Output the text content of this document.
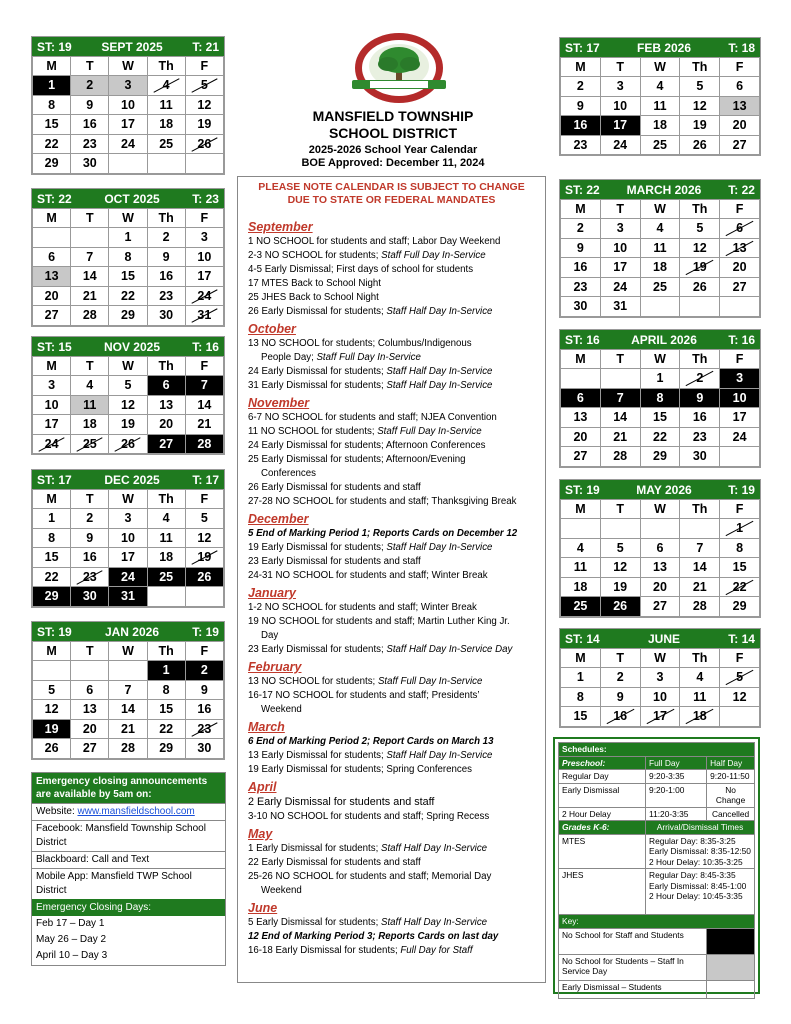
ST: 19 SEPT 2025 T: 21
M	T	W	Th	F
1	2	3	4	5
8	9	10	11	12
15	16	17	18	19
22	23	24	25	26
29	30			
ST: 22	OCT 2025	T: 23
M	T	W	Th	F
		1	2	3
6	7	8	9	10
13	14	15	16	17
20	21	22	23	24
27	28	29	30	31
ST: 15	NOV 2025	T: 16
M	T	W	Th	F
3	4	5	6	7
10	11	12	13	14
17	18	19	20	21
24	25	26	27	28
ST: 17	DEC 2025	T: 17
M	T	W	Th	F
1	2	3	4	5
8	9	10	11	12
15	16	17	18	19
22	23	24	25	26
29	30	31		
ST: 19	JAN 2026	T: 19
M	T	W	Th	F
			1	2
5	6	7	8	9
12	13	14	15	16
19	20	21	22	23
26	27	28	29	30
ST: 17	FEB 2026	T: 18
M	T	W	Th	F
2	3	4	5	6
9	10	11	12	13
16	17	18	19	20
23	24	25	26	27
ST: 22 MARCH 2026 T: 22
M	T	W	Th	F
2	3	4	5	6
9	10	11	12	13
16	17	18	19	20
23	24	25	26	27
30	31			
ST: 16	APRIL 2026	T: 16
M	T	W	Th	F
		1	2	3
6	7	8	9	10
13	14	15	16	17
20	21	22	23	24
27	28	29	30	
ST: 19	MAY 2026	T: 19
M	T	W	Th	F
				1
4	5	6	7	8
11	12	13	14	15
18	19	20	21	22
25	26	27	28	29
ST: 14	JUNE	T: 14
M	T	W	Th	F
1	2	3	4	5
8	9	10	11	12
15	16	17	18	
MANSFIELD TOWNSHIP
SCHOOL DISTRICT
2025-2026 School Year Calendar
BOE Approved: December 11, 2024
PLEASE NOTE CALENDAR IS SUBJECT TO CHANGE DUE TO STATE OR FEDERAL MANDATES
September
1 NO SCHOOL for students and staff; Labor Day Weekend
2-3 NO SCHOOL for students; Staff Full Day In-Service
4-5 Early Dismissal; First days of school for students
17 MTES Back to School Night
25 JHES Back to School Night
26 Early Dismissal for students; Staff Half Day In-Service
October
13 NO SCHOOL for students; Columbus/Indigenous
People Day; Staff Full Day In-Service
24 Early Dismissal for students; Staff Half Day In-Service
31 Early Dismissal for students; Staff Half Day In-Service
November
6-7 NO SCHOOL for students and staff; NJEA Convention
11 NO SCHOOL for students; Staff Full Day In-Service
24 Early Dismissal for students; Afternoon Conferences
25 Early Dismissal for students; Afternoon/Evening
Conferences
26 Early Dismissal for students and staff
27-28 NO SCHOOL for students and staff; Thanksgiving Break
December
5 End of Marking Period 1; Reports Cards on December 12
19 Early Dismissal for students; Staff Half Day In-Service
23 Early Dismissal for students and staff
24-31 NO SCHOOL for students and staff; Winter Break
January
1-2 NO SCHOOL for students and staff; Winter Break
19 NO SCHOOL for students and staff; Martin Luther King Jr.
Day
23 Early Dismissal for students; Staff Half Day In-Service Day
February
13 NO SCHOOL for students; Staff Full Day In-Service
16-17 NO SCHOOL for students and staff; Presidents’
Weekend
March
6 End of Marking Period 2; Report Cards on March 13
13 Early Dismissal for students; Staff Half Day In-Service
19 Early Dismissal for students; Spring Conferences
April
2 Early Dismissal for students and staff
3-10 NO SCHOOL for students and staff; Spring Recess
May
1 Early Dismissal for students; Staff Half Day In-Service
22 Early Dismissal for students and staff
25-26 NO SCHOOL for students and staff; Memorial Day
Weekend
June
5 Early Dismissal for students; Staff Half Day In-Service
12 End of Marking Period 3; Reports Cards on last day
16-18 Early Dismissal for students; Full Day for Staff
Emergency closing announcements are available by 5am on:
Website: www.mansfieldschool.com
Facebook: Mansfield Township School District
Blackboard: Call and Text
Mobile App: Mansfield TWP School District
Emergency Closing Days:
Feb 17 – Day 1
May 26 – Day 2
April 10 – Day 3
Schedules:		
Preschool:	Full Day	Half Day
Regular Day	9:20-3:35	9:20-11:50
Early Dismissal	9:20-1:00	No Change
2 Hour Delay	11:20-3:35	Cancelled
Grades K-6:	Arrival/Dismissal Times	
MTES	Regular Day: 8:35-3:25
Early Dismissal: 8:35-12:50
2 Hour Delay: 10:35-3:25	

JHES	Regular Day: 8:45-3:35
Early Dismissal: 8:45-1:00
2 Hour Delay: 10:45-3:35	

Key:		
No School for Staff and Students		
No School for Students – Staff In Service Day		
Early Dismissal – Students		
